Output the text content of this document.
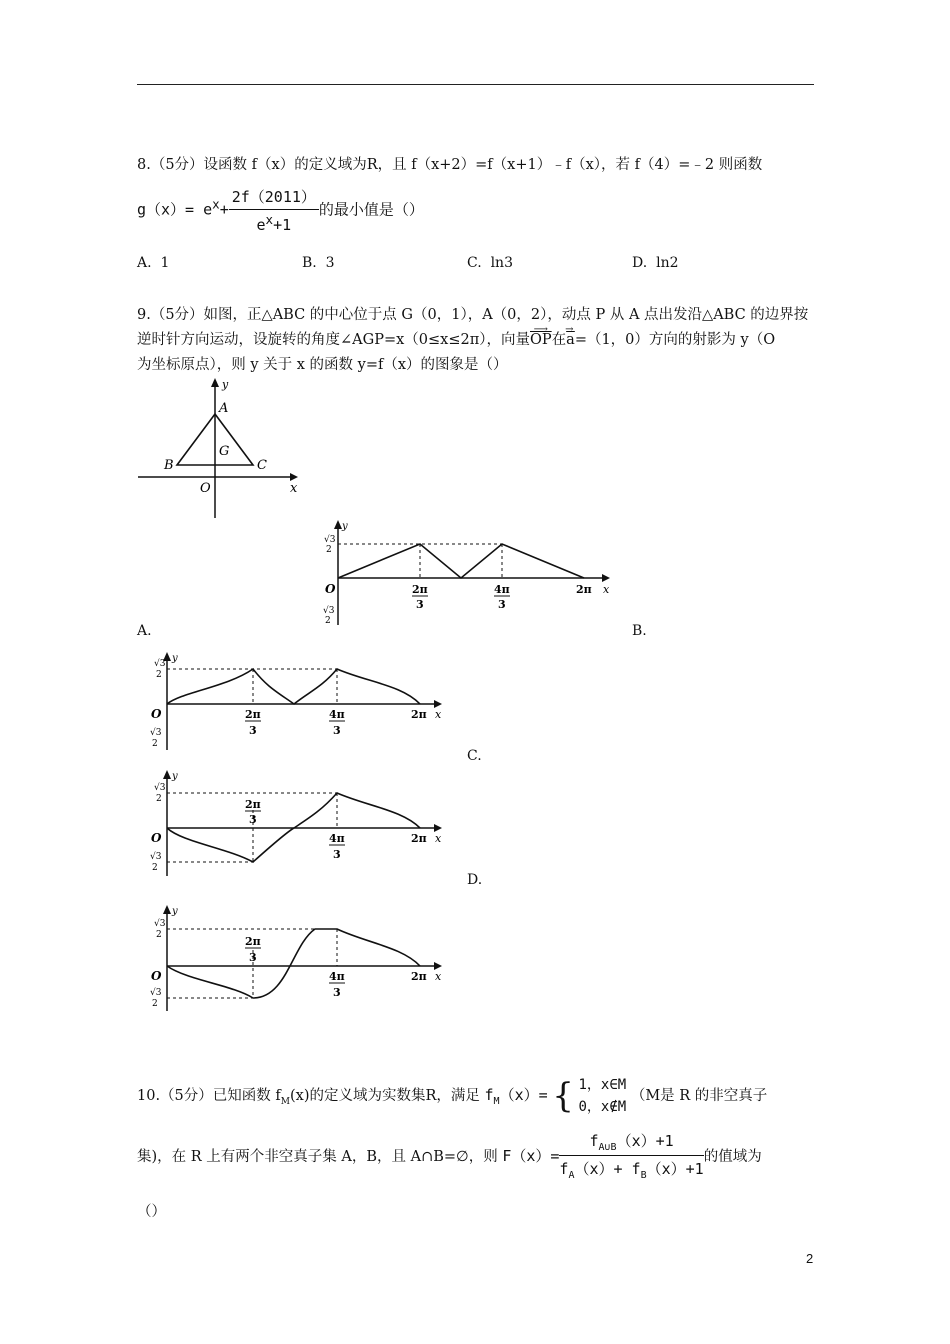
8.（5分）设函数 f（x）的定义域为R，且 f（x+2）=f（x+1）﹣f（x），若 f（4）=﹣2 则函数
$g(x)= e^x+ \frac{2f(2011)}{e^x+1}$ 的最小值是（）
A. 1	B. 3	C. ln3	D. ln2
9.（5分）如图，正△ABC 的中心位于点 G（0，1），A（0，2），动点 P 从 A 点出发沿△ABC 的边界按
逆时针方向运动，设旋转的角度∠AGP=x（0≤x≤2π），向量
⟶
$\overline{OP}$在
→
$\overline{a}=(1$，0）方向的射影为 y（O
为坐标原点），则 y 关于 x 的函数 y=f（x）的图象是（）
A
B	C
G
O	x
y
√3
2
y
O
√3
2
2π
3
4π
3
2π x
A.	B.
√3
2
y
O
√3
2
2π
3
4π
3
2π x
C.
√3
2
y
O
√3
2
2π
3
4π
3
2π x
D.
√3
2
y
O
√3
2
2π
3
4π
3
2π x
10.（5分）已知函数 $f_M(x)$的定义域为实数集R，满足 $f_M(x)=$ { 1，x∈M
0，x∉M
（M是 R 的非空真子
集)，在 R 上有两个非空真子集 A，B，且 A∩B=∅，则 $F(x)= \frac{f_{A\cup B}(x)+1}{f_A(x)+ f_B(x)+1}$ 的值域为
（）
2
